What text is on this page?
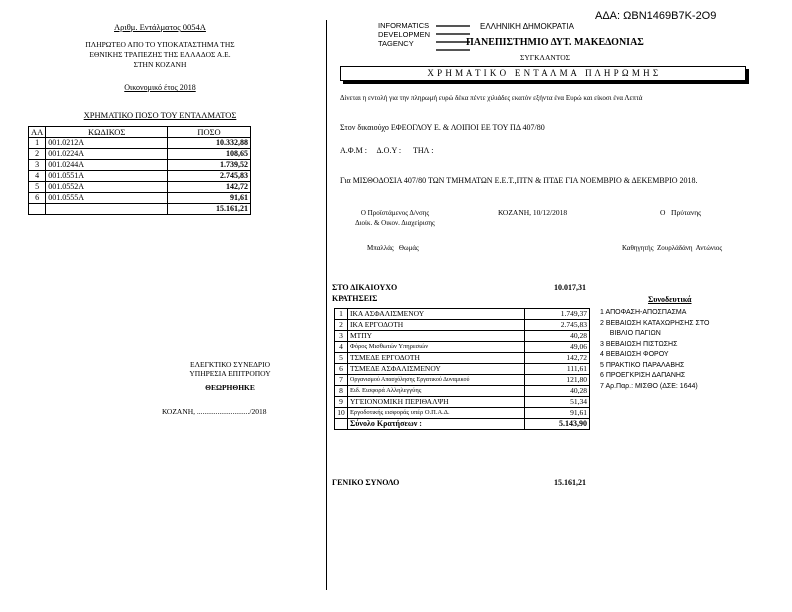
ΑΔΑ: ΩΒΝ1469Β7Κ-2Ο9
Αριθμ. Εντάλματος 0054Α
ΠΛΗΡΩΤΕΟ ΑΠΟ ΤΟ ΥΠΟΚΑΤΑΣΤΗΜΑ ΤΗΣ
ΕΘΝΙΚΗΣ ΤΡΑΠΕΖΗΣ ΤΗΣ ΕΛΛΑΔΟΣ Α.Ε.
ΣΤΗΝ ΚΟΖΑΝΗ
Οικονομικό έτος 2018
ΧΡΗΜΑΤΙΚΟ ΠΟΣΟ ΤΟΥ ΕΝΤΑΛΜΑΤΟΣ
ΑΑ	ΚΩΔΙΚΟΣ	ΠΟΣΟ
1	001.0212Α	10.332,88
2	001.0224Α	108,65
3	001.0244Α	1.739,52
4	001.0551Α	2.745,83
5	001.0552Α	142,72
6	001.0555Α	91,61
		15.161,21
ΕΛΕΓΚΤΙΚΟ ΣΥΝΕΔΡΙΟ
ΥΠΗΡΕΣΙΑ ΕΠΙΤΡΟΠΟΥ
ΘΕΩΡΗΘΗΚΕ
ΚΟΖΑΝΗ, ............................/2018
INFORMATICS
DEVELOPMEN
TAGENCY
ΕΛΛΗΝΙΚΗ ΔΗΜΟΚΡΑΤΙΑ
ΠΑΝΕΠΙΣΤΗΜΙΟ ΔΥΤ. ΜΑΚΕΔΟΝΙΑΣ
ΣΥΓΚΛΑΝΤΟΣ
Χ Ρ Η Μ Α Τ Ι Κ Ο   Ε Ν Τ Α Λ Μ Α   Π Λ Η Ρ Ω Μ Η Σ
Δίνεται η εντολή για την πληρωμή ευρώ δέκα πέντε χιλιάδες εκατόν εξήντα ένα Ευρώ και είκοσι ένα Λεπτά
Στον δικαιούχο ΕΦΕΟΓΛΟΥ Ε. & ΛΟΙΠΟΙ ΕΕ ΤΟΥ ΠΔ 407/80
Α.Φ.Μ :     Δ.Ο.Υ :      ΤΗΛ :
Για ΜΙΣΘΟΔΟΣΙΑ 407/80 ΤΩΝ ΤΜΗΜΑΤΩΝ Ε.Ε.Τ.,ΠΤΝ & ΠΤΔΕ ΓΙΑ ΝΟΕΜΒΡΙΟ & ΔΕΚΕΜΒΡΙΟ 2018.
Ο Προϊστάμενος Δ/νσης
Διοίκ. & Οικον. Διαχείρισης
ΚΟΖΑΝΗ, 10/12/2018	Ο   Πρύτανης
Μπαλλάς   Θωμάς	Καθηγητής  Ζουρλάδάνη  Αντώνιος
ΣΤΟ ΔΙΚΑΙΟΥΧΟ	10.017,31
ΚΡΑΤΗΣΕΙΣ
1	ΙΚΑ ΑΣΦΑΛΙΣΜΕΝΟΥ	1.749,37
2	ΙΚΑ ΕΡΓΟΔΟΤΗ	2.745,83
3	ΜΤΠΥ	40,28
4	Φόρος Μισθωτών Υπηρεσιών	49,06
5	ΤΣΜΕΔΕ ΕΡΓΟΔΟΤΗ	142,72
6	ΤΣΜΕΔΕ ΑΣΦΑΛΙΣΜΕΝΟΥ	111,61
7	Οργανισμού Απασχόλησης Εργατικού Δυναμικού	121,80
8	Ειδ. Εισφορά Αλληλεγγύης	40,28
9	ΥΓΕΙΟΝΟΜΙΚΗ ΠΕΡΙΘΑΛΨΗ	51,34
10	Εργοδοτικής εισφοράς υπέρ Ο.Π.Α.Δ.	91,61
	Σύνολο Κρατήσεων :	5.143,90
ΓΕΝΙΚΟ ΣΥΝΟΛΟ	15.161,21
Συνοδευτικά
1 ΑΠΟΦΑΣΗ-ΑΠΟΣΠΑΣΜΑ
2 ΒΕΒΑΙΩΣΗ ΚΑΤΑΧΩΡΗΣΗΣ ΣΤΟ
ΒΙΒΛΙΟ ΠΑΓΙΩΝ
3 ΒΕΒΑΙΩΣΗ ΠΙΣΤΩΣΗΣ
4 ΒΕΒΑΙΩΣΗ ΦΟΡΟΥ
5 ΠΡΑΚΤΙΚΟ ΠΑΡΑΛΑΒΗΣ
6 ΠΡΟΕΓΚΡΙΣΗ ΔΑΠΑΝΗΣ
7 Αρ.Παρ.: ΜΙΣΘΟ (ΔΣΕ: 1644)
